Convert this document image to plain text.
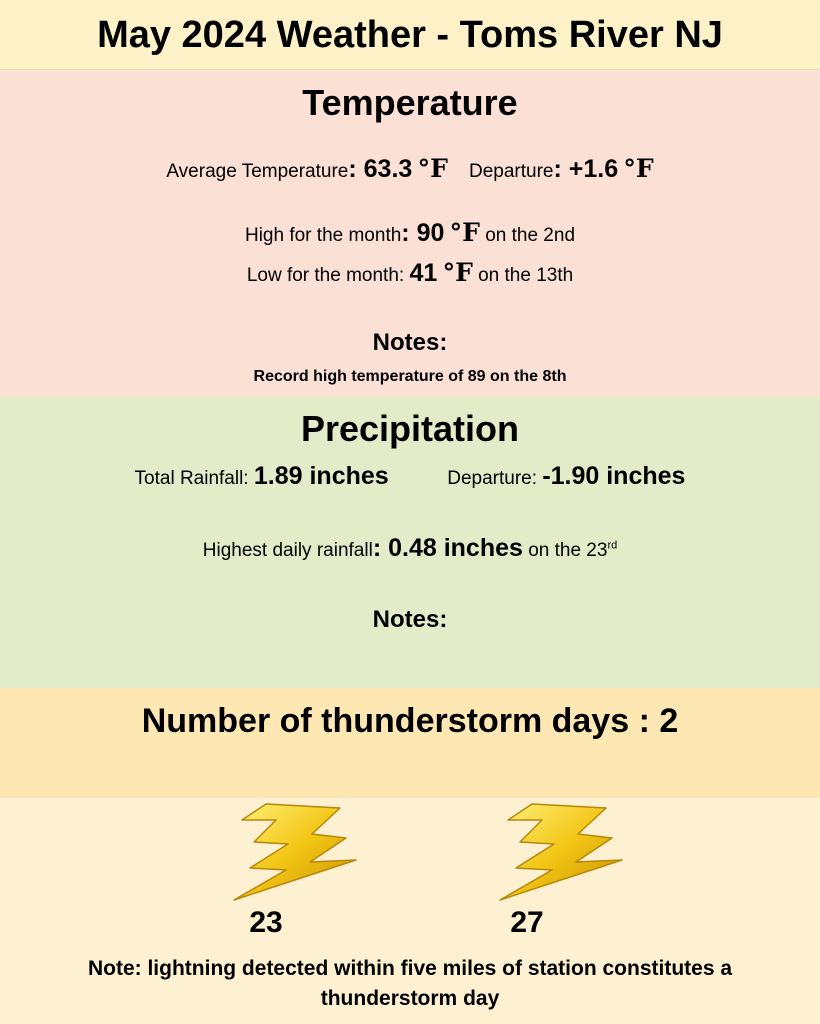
May 2024 Weather - Toms River NJ
Temperature
Average Temperature: 63.3 °F Departure: +1.6 °F
High for the month: 90 °F on the 2nd
Low for the month: 41 °F on the 13th
Notes:
Record high temperature of 89 on the 8th
Precipitation
Total Rainfall: 1.89 inches	Departure: -1.90 inches
Highest daily rainfall: 0.48 inches on the 23rd
Notes:
Number of thunderstorm days : 2
23	27
Note: lightning detected within five miles of station constitutes a thunderstorm day
